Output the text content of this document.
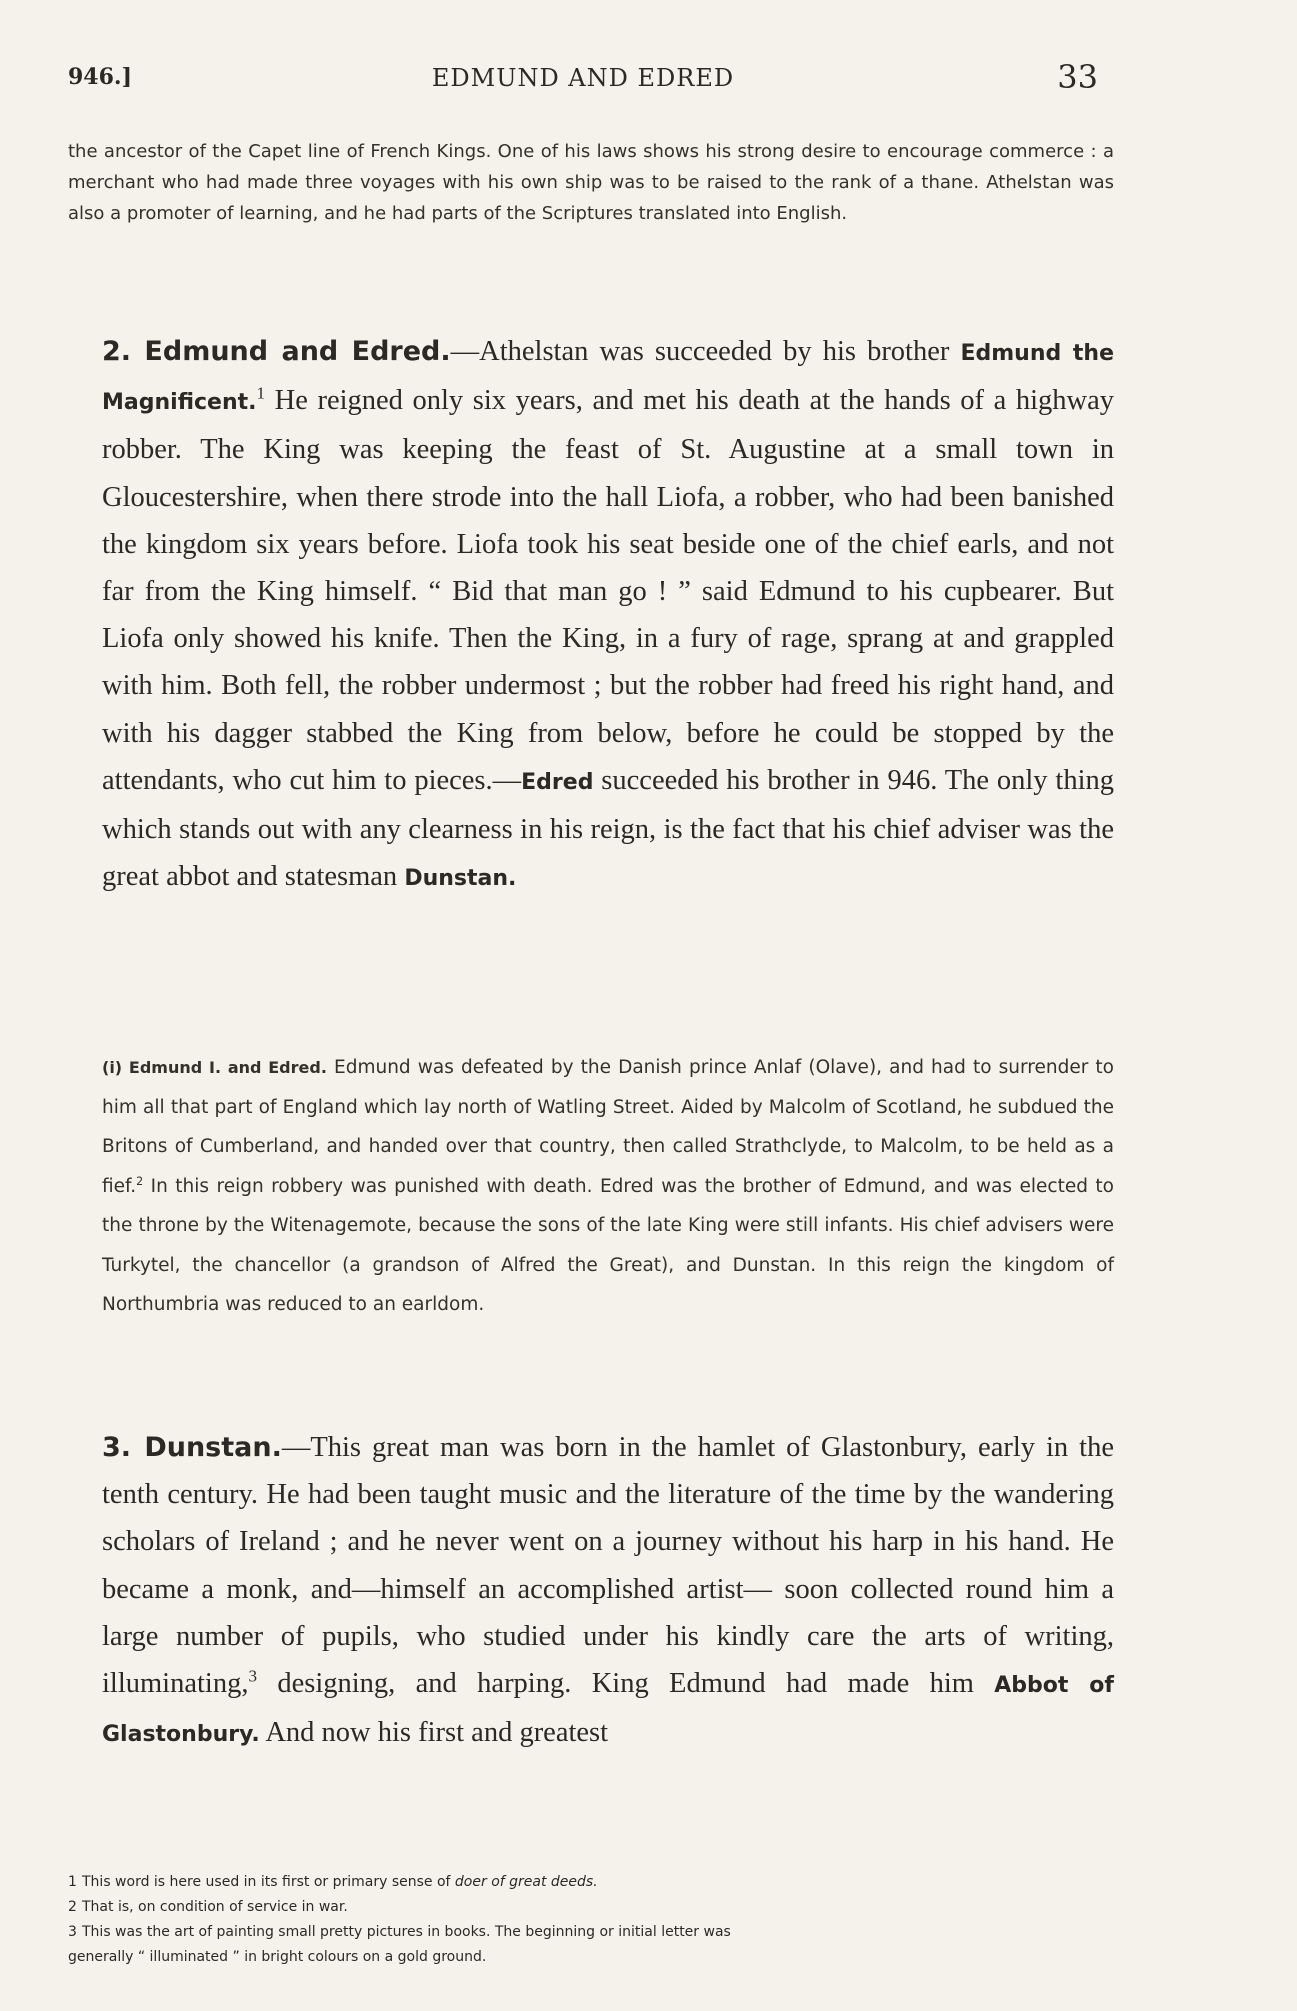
946.]	EDMUND AND EDRED	33

the ancestor of the Capet line of French Kings. One of his laws shows his strong desire to encourage commerce : a merchant who had made three voyages with his own ship was to be raised to the rank of a thane. Athelstan was also a promoter of learning, and he had parts of the Scriptures translated into English.

2. Edmund and Edred.—Athelstan was succeeded by his brother Edmund the Magnificent.$^1$ He reigned only six years, and met his death at the hands of a highway robber. The King was keeping the feast of St. Augustine at a small town in Gloucestershire, when there strode into the hall Liofa, a robber, who had been banished the kingdom six years before. Liofa took his seat beside one of the chief earls, and not far from the King himself. “ Bid that man go ! ” said Edmund to his cupbearer. But Liofa only showed his knife. Then the King, in a fury of rage, sprang at and grappled with him. Both fell, the robber undermost ; but the robber had freed his right hand, and with his dagger stabbed the King from below, before he could be stopped by the attendants, who cut him to pieces.—Edred succeeded his brother in 946. The only thing which stands out with any clearness in his reign, is the fact that his chief adviser was the great abbot and statesman Dunstan.

(i) Edmund I. and Edred. Edmund was defeated by the Danish prince Anlaf (Olave), and had to surrender to him all that part of England which lay north of Watling Street. Aided by Malcolm of Scotland, he subdued the Britons of Cumberland, and handed over that country, then called Strathclyde, to Malcolm, to be held as a fief.$^2$ In this reign robbery was punished with death. Edred was the brother of Edmund, and was elected to the throne by the Witenagemote, because the sons of the late King were still infants. His chief advisers were Turkytel, the chancellor (a grandson of Alfred the Great), and Dunstan. In this reign the kingdom of Northumbria was reduced to an earldom.

3. Dunstan.—This great man was born in the hamlet of Glastonbury, early in the tenth century. He had been taught music and the literature of the time by the wandering scholars of Ireland ; and he never went on a journey without his harp in his hand. He became a monk, and—himself an accomplished artist— soon collected round him a large number of pupils, who studied under his kindly care the arts of writing, illuminating,$^3$ designing, and harping. King Edmund had made him Abbot of Glastonbury. And now his first and greatest

1 This word is here used in its first or primary sense of doer of great deeds.
2 That is, on condition of service in war.
3 This was the art of painting small pretty pictures in books. The beginning or initial letter was
generally “ illuminated ” in bright colours on a gold ground.
